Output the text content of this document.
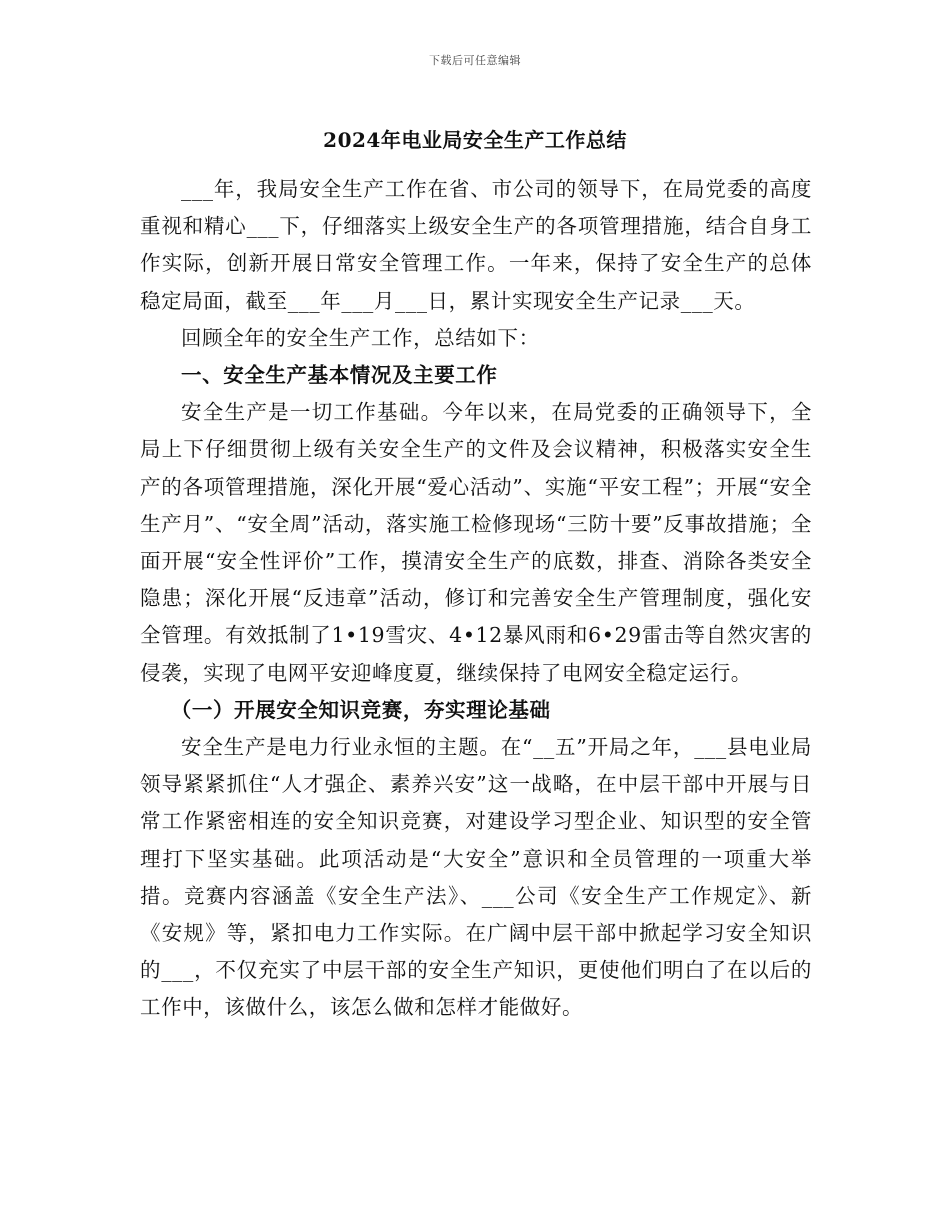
下载后可任意编辑
2024年电业局安全生产工作总结

___年，我局安全生产工作在省、市公司的领导下，在局党委的高度重视和精心___下，仔细落实上级安全生产的各项管理措施，结合自身工作实际，创新开展日常安全管理工作。一年来，保持了安全生产的总体稳定局面，截至___年___月___日，累计实现安全生产记录___天。

回顾全年的安全生产工作，总结如下：

一、安全生产基本情况及主要工作

安全生产是一切工作基础。今年以来，在局党委的正确领导下，全局上下仔细贯彻上级有关安全生产的文件及会议精神，积极落实安全生产的各项管理措施，深化开展“爱心活动”、实施“平安工程”；开展“安全生产月”、“安全周”活动，落实施工检修现场“三防十要”反事故措施；全面开展“安全性评价”工作，摸清安全生产的底数，排查、消除各类安全隐患；深化开展“反违章”活动，修订和完善安全生产管理制度，强化安全管理。有效抵制了1•19雪灾、4•12暴风雨和6•29雷击等自然灾害的侵袭，实现了电网平安迎峰度夏，继续保持了电网安全稳定运行。

（一）开展安全知识竞赛，夯实理论基础

安全生产是电力行业永恒的主题。在“__五”开局之年，___县电业局领导紧紧抓住“人才强企、素养兴安”这一战略，在中层干部中开展与日常工作紧密相连的安全知识竞赛，对建设学习型企业、知识型的安全管理打下坚实基础。此项活动是“大安全”意识和全员管理的一项重大举措。竞赛内容涵盖《安全生产法》、___公司《安全生产工作规定》、新《安规》等，紧扣电力工作实际。在广阔中层干部中掀起学习安全知识的___，不仅充实了中层干部的安全生产知识，更使他们明白了在以后的工作中，该做什么，该怎么做和怎样才能做好。
